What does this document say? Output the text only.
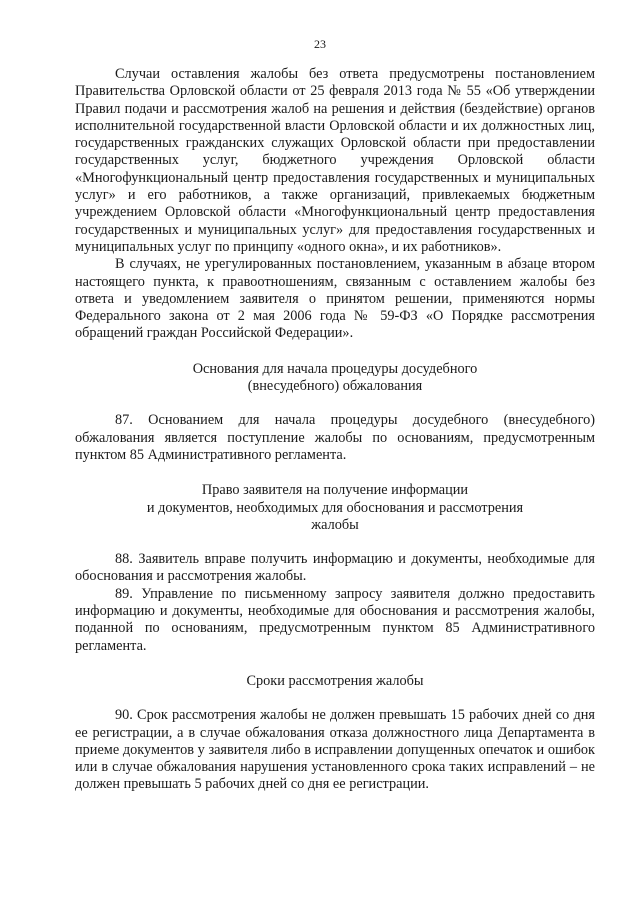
23

Случаи оставления жалобы без ответа предусмотрены постановлением Правительства Орловской области от 25 февраля 2013 года № 55 «Об утверждении Правил подачи и рассмотрения жалоб на решения и действия (бездействие) органов исполнительной государственной власти Орловской области и их должностных лиц, государственных гражданских служащих Орловской области при предоставлении государственных услуг, бюджетного учреждения Орловской области «Многофункциональный центр предоставления государственных и муниципальных услуг» и его работников, а также организаций, привлекаемых бюджетным учреждением Орловской области «Многофункциональный центр предоставления государственных и муниципальных услуг» для предоставления государственных и муниципальных услуг по принципу «одного окна», и их работников».

В случаях, не урегулированных постановлением, указанным в абзаце втором настоящего пункта, к правоотношениям, связанным с оставлением жалобы без ответа и уведомлением заявителя о принятом решении, применяются нормы Федерального закона от 2 мая 2006 года № 59-ФЗ «О Порядке рассмотрения обращений граждан Российской Федерации».

Основания для начала процедуры досудебного

(внесудебного) обжалования

87. Основанием для начала процедуры досудебного (внесудебного) обжалования является поступление жалобы по основаниям, предусмотренным пунктом 85 Административного регламента.

Право заявителя на получение информации

и документов, необходимых для обоснования и рассмотрения

жалобы

88. Заявитель вправе получить информацию и документы, необходимые для обоснования и рассмотрения жалобы.

89. Управление по письменному запросу заявителя должно предоставить информацию и документы, необходимые для обоснования и рассмотрения жалобы, поданной по основаниям, предусмотренным пунктом 85 Административного регламента.

Сроки рассмотрения жалобы

90. Срок рассмотрения жалобы не должен превышать 15 рабочих дней со дня ее регистрации, а в случае обжалования отказа должностного лица Департамента в приеме документов у заявителя либо в исправлении допущенных опечаток и ошибок или в случае обжалования нарушения установленного срока таких исправлений – не должен превышать 5 рабочих дней со дня ее регистрации.
